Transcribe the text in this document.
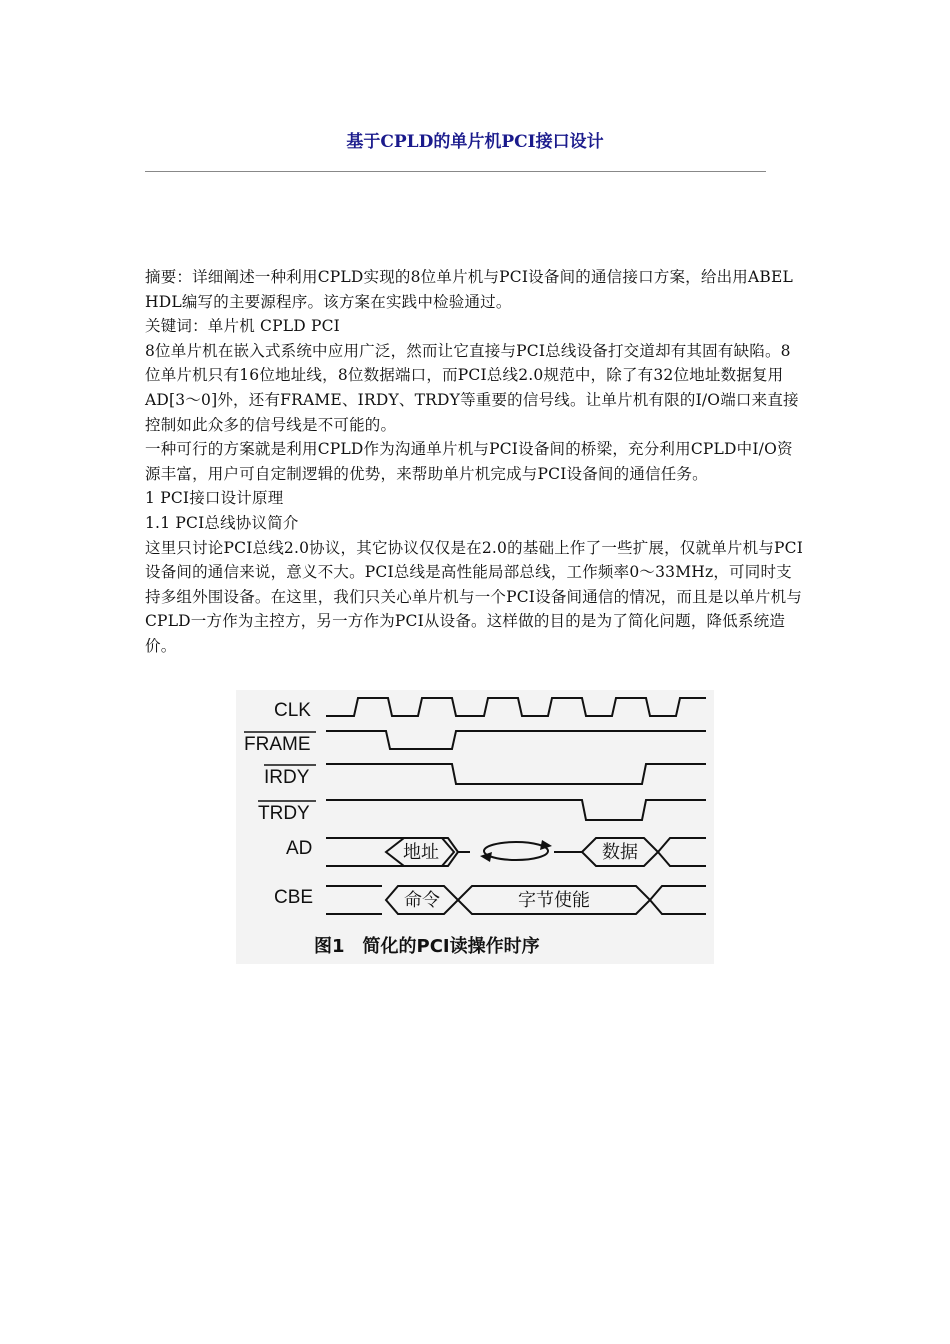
基于CPLD的单片机PCI接口设计

摘要：详细阐述一种利用CPLD实现的8位单片机与PCI设备间的通信接口方案，给出用ABEL HDL编写的主要源程序。该方案在实践中检验通过。

关键词：单片机 CPLD PCI

8位单片机在嵌入式系统中应用广泛，然而让它直接与PCI总线设备打交道却有其固有缺陷。8位单片机只有16位地址线，8位数据端口，而PCI总线2.0规范中，除了有32位地址数据复用AD[3～0]外，还有FRAME、IRDY、TRDY等重要的信号线。让单片机有限的I/O端口来直接控制如此众多的信号线是不可能的。

一种可行的方案就是利用CPLD作为沟通单片机与PCI设备间的桥梁，充分利用CPLD中I/O资源丰富，用户可自定制逻辑的优势，来帮助单片机完成与PCI设备间的通信任务。

1 PCI接口设计原理

1.1 PCI总线协议简介

这里只讨论PCI总线2.0协议，其它协议仅仅是在2.0的基础上作了一些扩展，仅就单片机与PCI设备间的通信来说，意义不大。PCI总线是高性能局部总线，工作频率0～33MHz，可同时支持多组外围设备。在这里，我们只关心单片机与一个PCI设备间通信的情况，而且是以单片机与CPLD一方作为主控方，另一方作为PCI从设备。这样做的目的是为了简化问题，降低系统造价。

CLK
FRAME
IRDY
TRDY
AD
CBE
地址	数据
命令	字节使能
图1　简化的PCI读操作时序
